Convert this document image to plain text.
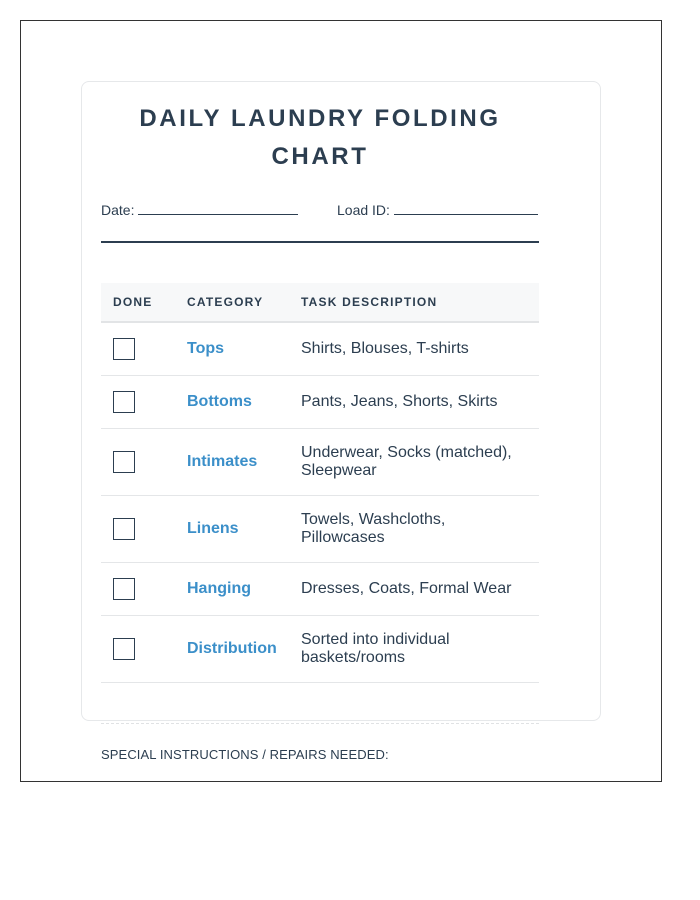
DAILY LAUNDRY FOLDING CHART
Date:	Load ID:
DONE	CATEGORY	TASK DESCRIPTION

	Tops	Shirts, Blouses, T-shirts

	Bottoms	Pants, Jeans, Shorts, Skirts

	Intimates	Underwear, Socks (matched), Sleepwear

	Linens	Towels, Washcloths, Pillowcases

	Hanging	Dresses, Coats, Formal Wear

	Distribution	Sorted into individual baskets/rooms
SPECIAL INSTRUCTIONS / REPAIRS NEEDED:
